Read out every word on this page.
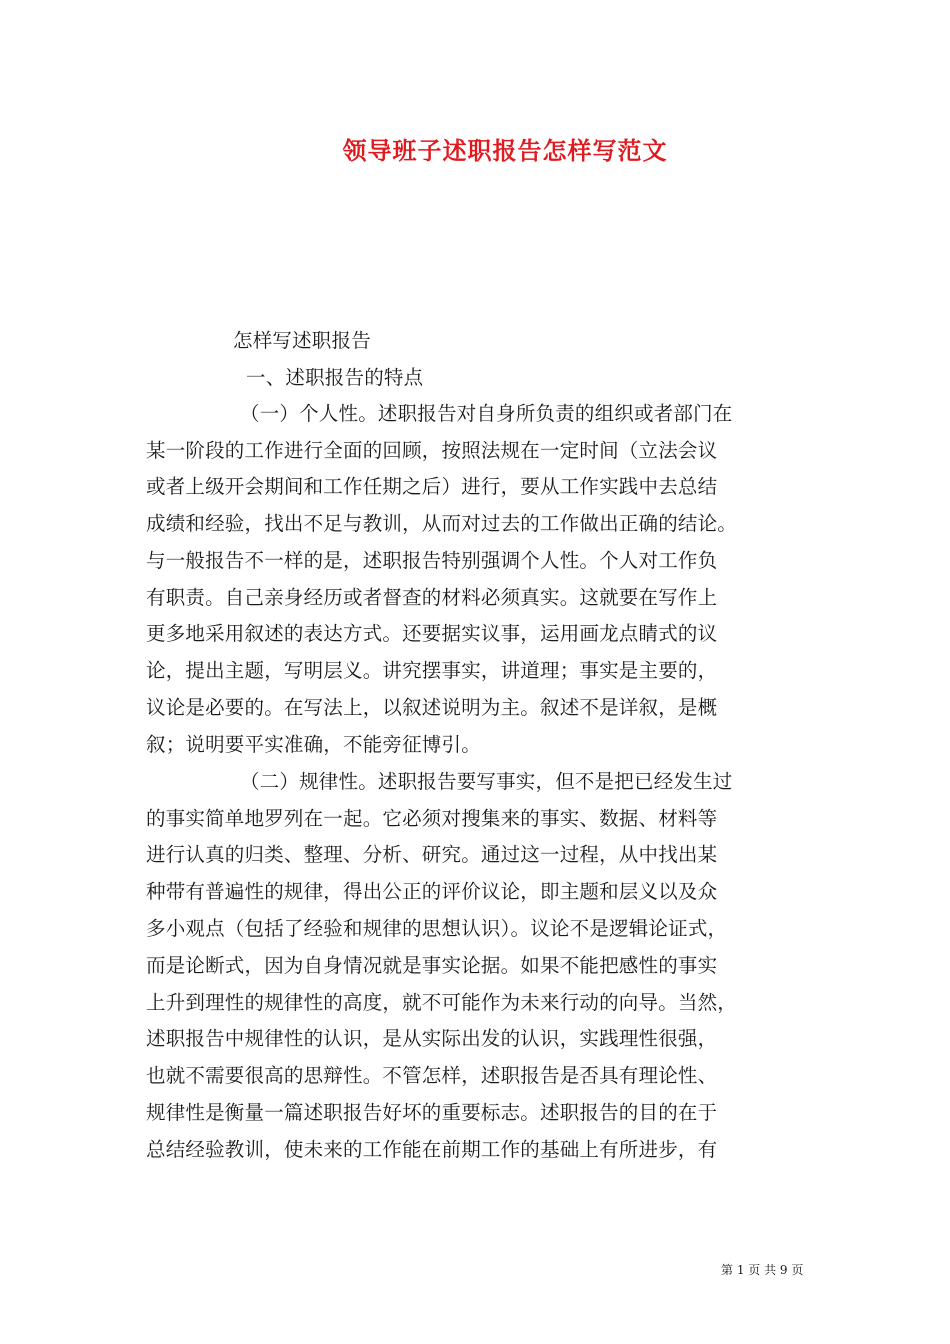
领导班子述职报告怎样写范文
怎样写述职报告
一、述职报告的特点
（一）个人性。述职报告对自身所负责的组织或者部门在
某一阶段的工作进行全面的回顾，按照法规在一定时间（立法会议
或者上级开会期间和工作任期之后）进行，要从工作实践中去总结
成绩和经验，找出不足与教训，从而对过去的工作做出正确的结论。
与一般报告不一样的是，述职报告特别强调个人性。个人对工作负
有职责。自己亲身经历或者督查的材料必须真实。这就要在写作上
更多地采用叙述的表达方式。还要据实议事，运用画龙点睛式的议
论，提出主题，写明层义。讲究摆事实，讲道理；事实是主要的，
议论是必要的。在写法上，以叙述说明为主。叙述不是详叙，是概
叙；说明要平实准确，不能旁征博引。
（二）规律性。述职报告要写事实，但不是把已经发生过
的事实简单地罗列在一起。它必须对搜集来的事实、数据、材料等
进行认真的归类、整理、分析、研究。通过这一过程，从中找出某
种带有普遍性的规律，得出公正的评价议论，即主题和层义以及众
多小观点（包括了经验和规律的思想认识）。议论不是逻辑论证式，
而是论断式，因为自身情况就是事实论据。如果不能把感性的事实
上升到理性的规律性的高度，就不可能作为未来行动的向导。当然，
述职报告中规律性的认识，是从实际出发的认识，实践理性很强，
也就不需要很高的思辩性。不管怎样，述职报告是否具有理论性、
规律性是衡量一篇述职报告好坏的重要标志。述职报告的目的在于
总结经验教训，使未来的工作能在前期工作的基础上有所进步，有
第 1 页 共 9 页
